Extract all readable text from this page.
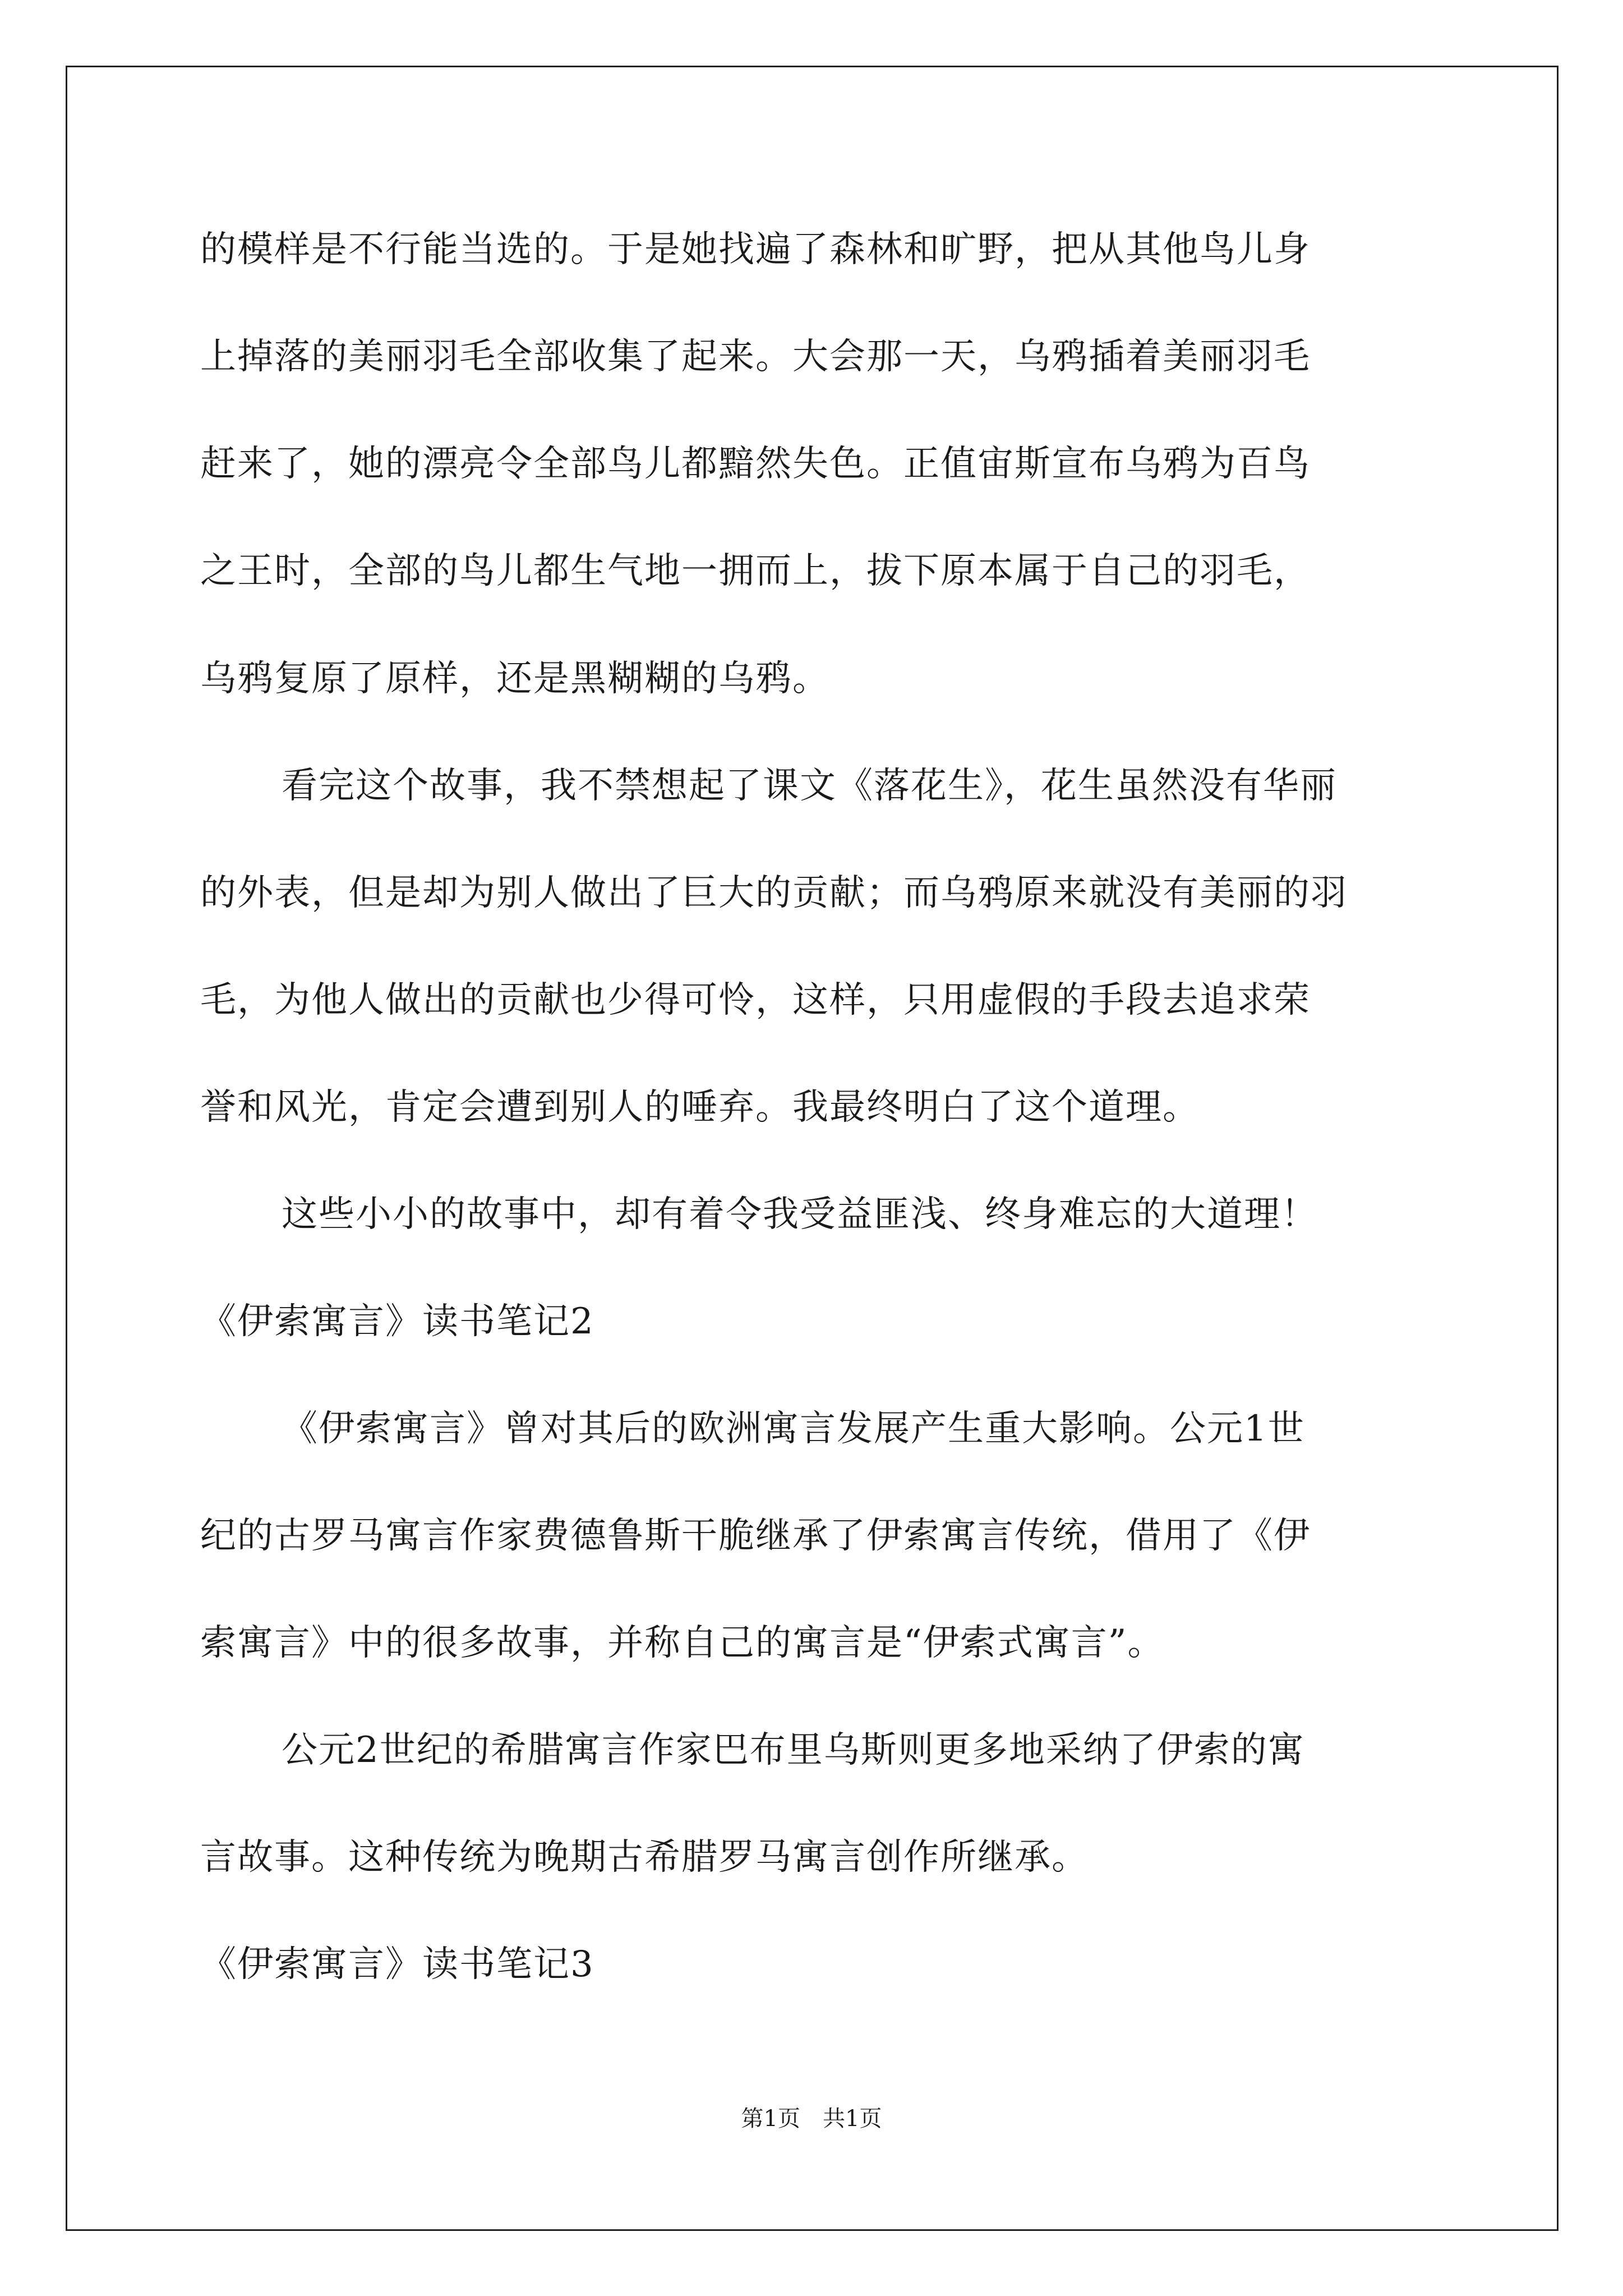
的模样是不行能当选的。于是她找遍了森林和旷野，把从其他鸟儿身
上掉落的美丽羽毛全部收集了起来。大会那一天，乌鸦插着美丽羽毛
赶来了，她的漂亮令全部鸟儿都黯然失色。正值宙斯宣布乌鸦为百鸟
之王时，全部的鸟儿都生气地一拥而上，拔下原本属于自己的羽毛，
乌鸦复原了原样，还是黑糊糊的乌鸦。
看完这个故事，我不禁想起了课文《落花生》，花生虽然没有华丽
的外表，但是却为别人做出了巨大的贡献；而乌鸦原来就没有美丽的羽
毛，为他人做出的贡献也少得可怜，这样，只用虚假的手段去追求荣
誉和风光，肯定会遭到别人的唾弃。我最终明白了这个道理。
这些小小的故事中，却有着令我受益匪浅、终身难忘的大道理！
《伊索寓言》读书笔记2
《伊索寓言》曾对其后的欧洲寓言发展产生重大影响。公元1世
纪的古罗马寓言作家费德鲁斯干脆继承了伊索寓言传统，借用了《伊
索寓言》中的很多故事，并称自己的寓言是“伊索式寓言”。
公元2世纪的希腊寓言作家巴布里乌斯则更多地采纳了伊索的寓
言故事。这种传统为晚期古希腊罗马寓言创作所继承。
《伊索寓言》读书笔记3
第1页　共1页
